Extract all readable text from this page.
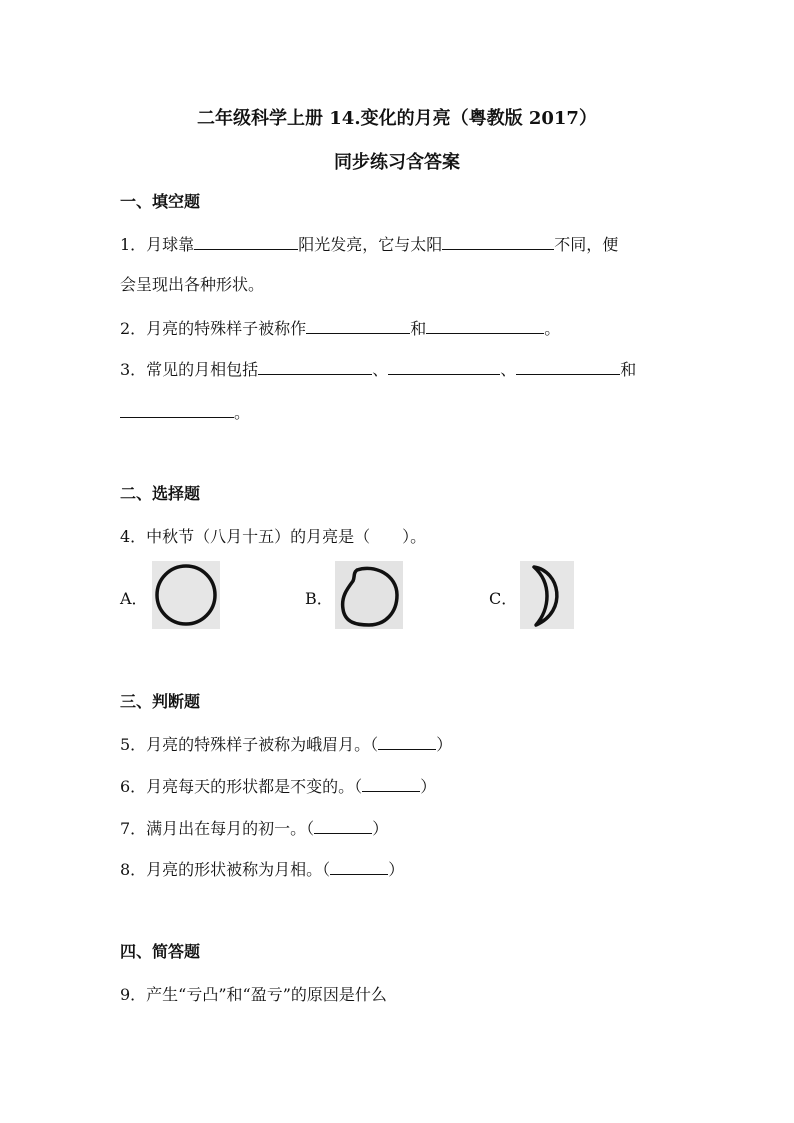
二年级科学上册 14.变化的月亮（粤教版 2017）
同步练习含答案
一、填空题
1．月球靠	阳光发亮，它与太阳	不同，便
会呈现出各种形状。
2．月亮的特殊样子被称作	和	。
3．常见的月相包括	、	、	和
。
二、选择题
4．中秋节（八月十五）的月亮是（　　）。
A．	B．	C．
三、判断题
5．月亮的特殊样子被称为峨眉月。（	）
6．月亮每天的形状都是不变的。（	）
7．满月出在每月的初一。（	）
8．月亮的形状被称为月相。（	）
四、简答题
9．产生“亏凸”和“盈亏”的原因是什么
